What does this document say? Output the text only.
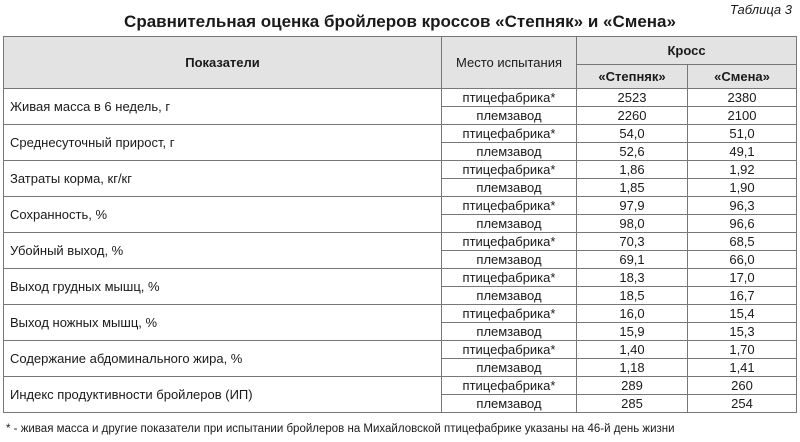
Таблица 3
Сравнительная оценка бройлеров кроссов «Степняк» и «Смена»
Показатели	Место испытания	Кросс	
		«Степняк»	«Смена»
Живая масса в 6 недель, г	птицефабрика*	2523	2380
	племзавод	2260	2100
Среднесуточный прирост, г	птицефабрика*	54,0	51,0
	племзавод	52,6	49,1
Затраты корма, кг/кг	птицефабрика*	1,86	1,92
	племзавод	1,85	1,90
Сохранность, %	птицефабрика*	97,9	96,3
	племзавод	98,0	96,6
Убойный выход, %	птицефабрика*	70,3	68,5
	племзавод	69,1	66,0
Выход грудных мышц, %	птицефабрика*	18,3	17,0
	племзавод	18,5	16,7
Выход ножных мышц, %	птицефабрика*	16,0	15,4
	племзавод	15,9	15,3
Содержание абдоминального жира, %	птицефабрика*	1,40	1,70
	племзавод	1,18	1,41
Индекс продуктивности бройлеров (ИП)	птицефабрика*	289	260
	племзавод	285	254
* - живая масса и другие показатели при испытании бройлеров на Михайловской птицефабрике указаны на 46-й день жизни
